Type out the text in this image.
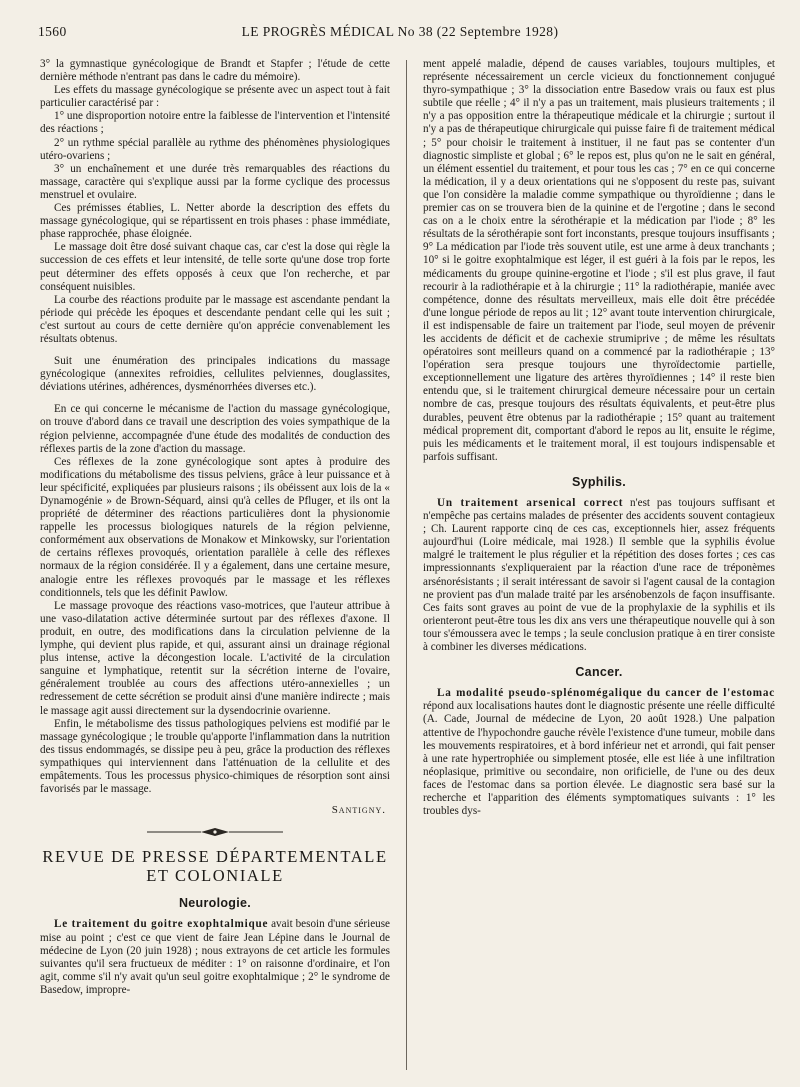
1560	LE PROGRÈS MÉDICAL No 38 (22 Septembre 1928)

3° la gymnastique gynécologique de Brandt et Stapfer ; l'étude de cette dernière méthode n'entrant pas dans le cadre du mémoire).

Les effets du massage gynécologique se présente avec un aspect tout à fait particulier caractérisé par :

1° une disproportion notoire entre la faiblesse de l'intervention et l'intensité des réactions ;

2° un rythme spécial parallèle au rythme des phénomènes physiologiques utéro-ovariens ;

3° un enchaînement et une durée très remarquables des réactions du massage, caractère qui s'explique aussi par la forme cyclique des processus menstruel et ovulaire.

Ces prémisses établies, L. Netter aborde la description des effets du massage gynécologique, qui se répartissent en trois phases : phase immédiate, phase rapprochée, phase éloignée.

Le massage doit être dosé suivant chaque cas, car c'est la dose qui règle la succession de ces effets et leur intensité, de telle sorte qu'une dose trop forte peut déterminer des effets opposés à ceux que l'on recherche, et par conséquent nuisibles.

La courbe des réactions produite par le massage est ascendante pendant la période qui précède les époques et descendante pendant celle qui les suit ; c'est surtout au cours de cette dernière qu'on apprécie convenablement les résultats obtenus.

Suit une énumération des principales indications du massage gynécologique (annexites refroidies, cellulites pelviennes, douglassites, déviations utérines, adhérences, dysménorrhées diverses etc.).

En ce qui concerne le mécanisme de l'action du massage gynécologique, on trouve d'abord dans ce travail une description des voies sympathique de la région pelvienne, accompagnée d'une étude des modalités de conduction des réflexes partis de la zone d'action du massage.

Ces réflexes de la zone gynécologique sont aptes à produire des modifications du métabolisme des tissus pelviens, grâce à leur puissance et à leur spécificité, expliquées par plusieurs raisons ; ils obéissent aux lois de la « Dynamogénie » de Brown-Séquard, ainsi qu'à celles de Pfluger, et ils ont la propriété de déterminer des réactions particulières dont la physionomie rappelle les processus biologiques naturels de la région pelvienne, conformément aux observations de Monakow et Minkowsky, sur l'orientation de certains réflexes provoqués, orientation parallèle à celle des réflexes normaux de la région considérée. Il y a également, dans une certaine mesure, analogie entre les réflexes provoqués par le massage et les réflexes conditionnels, tels que les définit Pawlow.

Le massage provoque des réactions vaso-motrices, que l'auteur attribue à une vaso-dilatation active déterminée surtout par des réflexes d'axone. Il produit, en outre, des modifications dans la circulation pelvienne de la lymphe, qui devient plus rapide, et qui, assurant ainsi un drainage régional plus intense, active la décongestion locale. L'activité de la circulation sanguine et lymphatique, retentit sur la sécrétion interne de l'ovaire, généralement troublée au cours des affections utéro-annexielles ; un redressement de cette sécrétion se produit ainsi d'une manière indirecte ; mais le massage agit aussi directement sur la dysendocrinie ovarienne.

Enfin, le métabolisme des tissus pathologiques pelviens est modifié par le massage gynécologique ; le trouble qu'apporte l'inflammation dans la nutrition des tissus endommagés, se dissipe peu à peu, grâce la production des réflexes sympathiques qui interviennent dans l'atténuation de la cellulite et des empâtements. Tous les processus physico-chimiques de résorption sont ainsi favorisés par le massage.

Santigny.
REVUE DE PRESSE DÉPARTEMENTALE
ET COLONIALE
Neurologie.

Le traitement du goitre exophtalmique avait besoin d'une sérieuse mise au point ; c'est ce que vient de faire Jean Lépine dans le Journal de médecine de Lyon (20 juin 1928) ; nous extrayons de cet article les formules suivantes qu'il sera fructueux de méditer : 1° on raisonne d'ordinaire, et l'on agit, comme s'il n'y avait qu'un seul goitre exophtalmique ; 2° le syndrome de Basedow, impropre-

ment appelé maladie, dépend de causes variables, toujours multiples, et représente nécessairement un cercle vicieux du fonctionnement conjugué thyro-sympathique ; 3° la dissociation entre Basedow vrais ou faux est plus subtile que réelle ; 4° il n'y a pas un traitement, mais plusieurs traitements ; il n'y a pas opposition entre la thérapeutique médicale et la chirurgie ; surtout il n'y a pas de thérapeutique chirurgicale qui puisse faire fi de traitement médical ; 5° pour choisir le traitement à instituer, il ne faut pas se contenter d'un diagnostic simpliste et global ; 6° le repos est, plus qu'on ne le sait en général, un élément essentiel du traitement, et pour tous les cas ; 7° en ce qui concerne la médication, il y a deux orientations qui ne s'opposent du reste pas, suivant que l'on considère la maladie comme sympathique ou thyroïdienne ; dans le premier cas on se trouvera bien de la quinine et de l'ergotine ; dans le second cas on a le choix entre la sérothérapie et la médication par l'iode ; 8° les résultats de la sérothérapie sont fort inconstants, presque toujours insuffisants ; 9° La médication par l'iode très souvent utile, est une arme à deux tranchants ; 10° si le goitre exophtalmique est léger, il est guéri à la fois par le repos, les médicaments du groupe quinine-ergotine et l'iode ; s'il est plus grave, il faut recourir à la radiothérapie et à la chirurgie ; 11° la radiothérapie, maniée avec compétence, donne des résultats merveilleux, mais elle doit être précédée d'une longue période de repos au lit ; 12° avant toute intervention chirurgicale, il est indispensable de faire un traitement par l'iode, seul moyen de prévenir les accidents de déficit et de cachexie strumiprive ; de même les résultats opératoires sont meilleurs quand on a commencé par la radiothérapie ; 13° l'opération sera presque toujours une thyroïdectomie partielle, exceptionnellement une ligature des artères thyroïdiennes ; 14° il reste bien entendu que, si le traitement chirurgical demeure nécessaire pour un certain nombre de cas, presque toujours des résultats équivalents, et peut-être plus durables, peuvent être obtenus par la radiothérapie ; 15° quant au traitement médical proprement dit, comportant d'abord le repos au lit, ensuite le régime, puis les médicaments et le traitement moral, il est toujours indispensable et parfois suffisant.

Syphilis.

Un traitement arsenical correct n'est pas toujours suffisant et n'empêche pas certains malades de présenter des accidents souvent contagieux ; Ch. Laurent rapporte cinq de ces cas, exceptionnels hier, assez fréquents aujourd'hui (Loire médicale, mai 1928.) Il semble que la syphilis évolue malgré le traitement le plus régulier et la répétition des doses fortes ; ces cas impressionnants s'expliqueraient par la réaction d'une race de tréponèmes arsénorésistants ; il serait intéressant de savoir si l'agent causal de la contagion ne provient pas d'un malade traité par les arsénobenzols de façon insuffisante. Ces faits sont graves au point de vue de la prophylaxie de la syphilis et ils orienteront peut-être tous les dix ans vers une thérapeutique nouvelle qui à son tour s'émoussera avec le temps ; la seule conclusion pratique à en tirer consiste à combiner les diverses médications.

Cancer.

La modalité pseudo-splénomégalique du cancer de l'estomac répond aux localisations hautes dont le diagnostic présente une réelle difficulté (A. Cade, Journal de médecine de Lyon, 20 août 1928.) Une palpation attentive de l'hypochondre gauche révèle l'existence d'une tumeur, mobile dans les mouvements respiratoires, et à bord inférieur net et arrondi, qui fait penser à une rate hypertrophiée ou simplement ptosée, elle est liée à une infiltration néoplasique, primitive ou secondaire, non orificielle, de l'une ou des deux faces de l'estomac dans sa portion élevée. Le diagnostic sera basé sur la recherche et l'apparition des éléments symptomatiques suivants : 1° les troubles dys-
